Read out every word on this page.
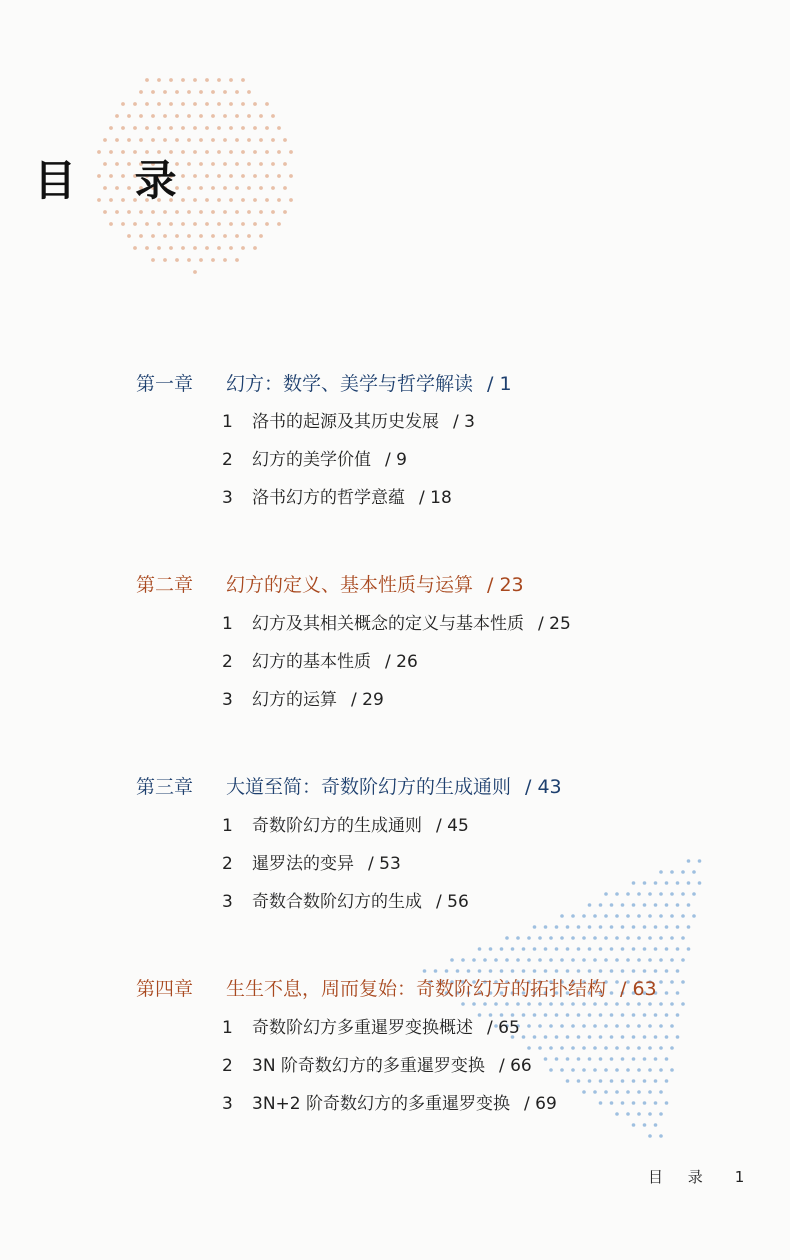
目 录
第一章 幻方：数学、美学与哲学解读 / 1
1 洛书的起源及其历史发展 / 3
2 幻方的美学价值 / 9
3 洛书幻方的哲学意蕴 / 18
第二章 幻方的定义、基本性质与运算 / 23
1 幻方及其相关概念的定义与基本性质 / 25
2 幻方的基本性质 / 26
3 幻方的运算 / 29
第三章 大道至简：奇数阶幻方的生成通则 / 43
1 奇数阶幻方的生成通则 / 45
2 暹罗法的变异 / 53
3 奇数合数阶幻方的生成 / 56
第四章 生生不息，周而复始：奇数阶幻方的拓扑结构 / 63
1 奇数阶幻方多重暹罗变换概述 / 65
2 3N 阶奇数幻方的多重暹罗变换 / 66
3 3N+2 阶奇数幻方的多重暹罗变换 / 69
目 录 1
